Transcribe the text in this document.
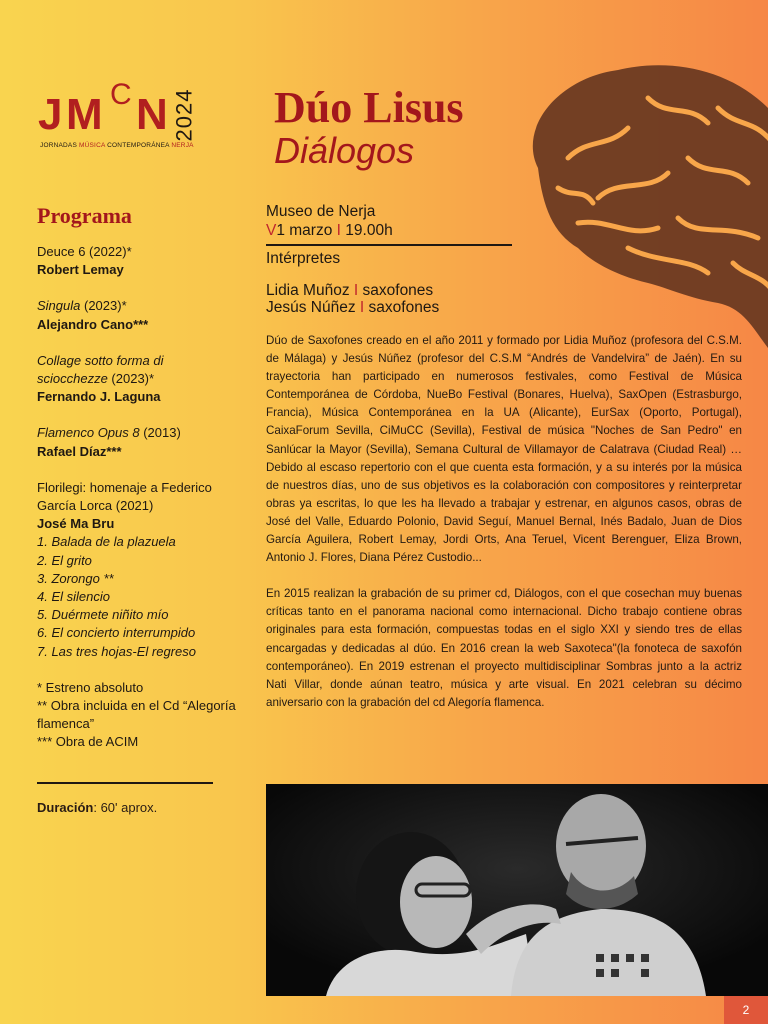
J M C N 2024
JORNADAS MÚSICA CONTEMPORÁNEA NERJA
Dúo Lisus
Diálogos
Museo de Nerja
V1 marzo I 19.00h
Intérpretes
Lidia Muñoz I saxofones
Jesús Núñez I saxofones

Dúo de Saxofones creado en el año 2011 y formado por Lidia Muñoz (profesora del C.S.M. de Málaga) y Jesús Núñez (profesor del C.S.M “Andrés de Vandelvira” de Jaén). En su trayectoria han participado en numerosos festivales, como Festival de Música Contemporánea de Córdoba, NueBo Festival (Bonares, Huelva), SaxOpen (Estrasburgo, Francia), Música Contemporánea en la UA (Alicante), EurSax (Oporto, Portugal), CaixaForum Sevilla, CiMuCC (Sevilla), Festival de música "Noches de San Pedro" en Sanlúcar la Mayor (Sevilla), Semana Cultural de Villamayor de Calatrava (Ciudad Real) … Debido al escaso repertorio con el que cuenta esta formación, y a su interés por la música de nuestros días, uno de sus objetivos es la colaboración con compositores y reinterpretar obras ya escritas, lo que les ha llevado a trabajar y estrenar, en algunos casos, obras de José del Valle, Eduardo Polonio, David Seguí, Manuel Bernal, Inés Badalo, Juan de Dios García Aguilera, Robert Lemay, Jordi Orts, Ana Teruel, Vicent Berenguer, Eliza Brown, Antonio J. Flores, Diana Pérez Custodio...

En 2015 realizan la grabación de su primer cd, Diálogos, con el que cosechan muy buenas críticas tanto en el panorama nacional como internacional. Dicho trabajo contiene obras originales para esta formación, compuestas todas en el siglo XXI y siendo tres de ellas encargadas y dedicadas al dúo. En 2016 crean la web Saxoteca"(la fonoteca de saxofón contemporáneo). En 2019 estrenan el proyecto multidisciplinar Sombras junto a la actriz Nati Villar, donde aúnan teatro, música y arte visual. En 2021 celebran su décimo aniversario con la grabación del cd Alegoría flamenca.

Programa
Deuce 6 (2022)*
Robert Lemay
Singula (2023)*
Alejandro Cano***
Collage sotto forma di sciocchezze (2023)*
Fernando J. Laguna
Flamenco Opus 8 (2013)
Rafael Díaz***
Florilegi: homenaje a Federico García Lorca (2021)
José Ma Bru
1. Balada de la plazuela
2. El grito
3. Zorongo **
4. El silencio
5. Duérmete niñito mío
6. El concierto interrumpido
7. Las tres hojas-El regreso
* Estreno absoluto
** Obra incluida en el Cd “Alegoría flamenca”
*** Obra de ACIM
Duración: 60' aprox.
2
